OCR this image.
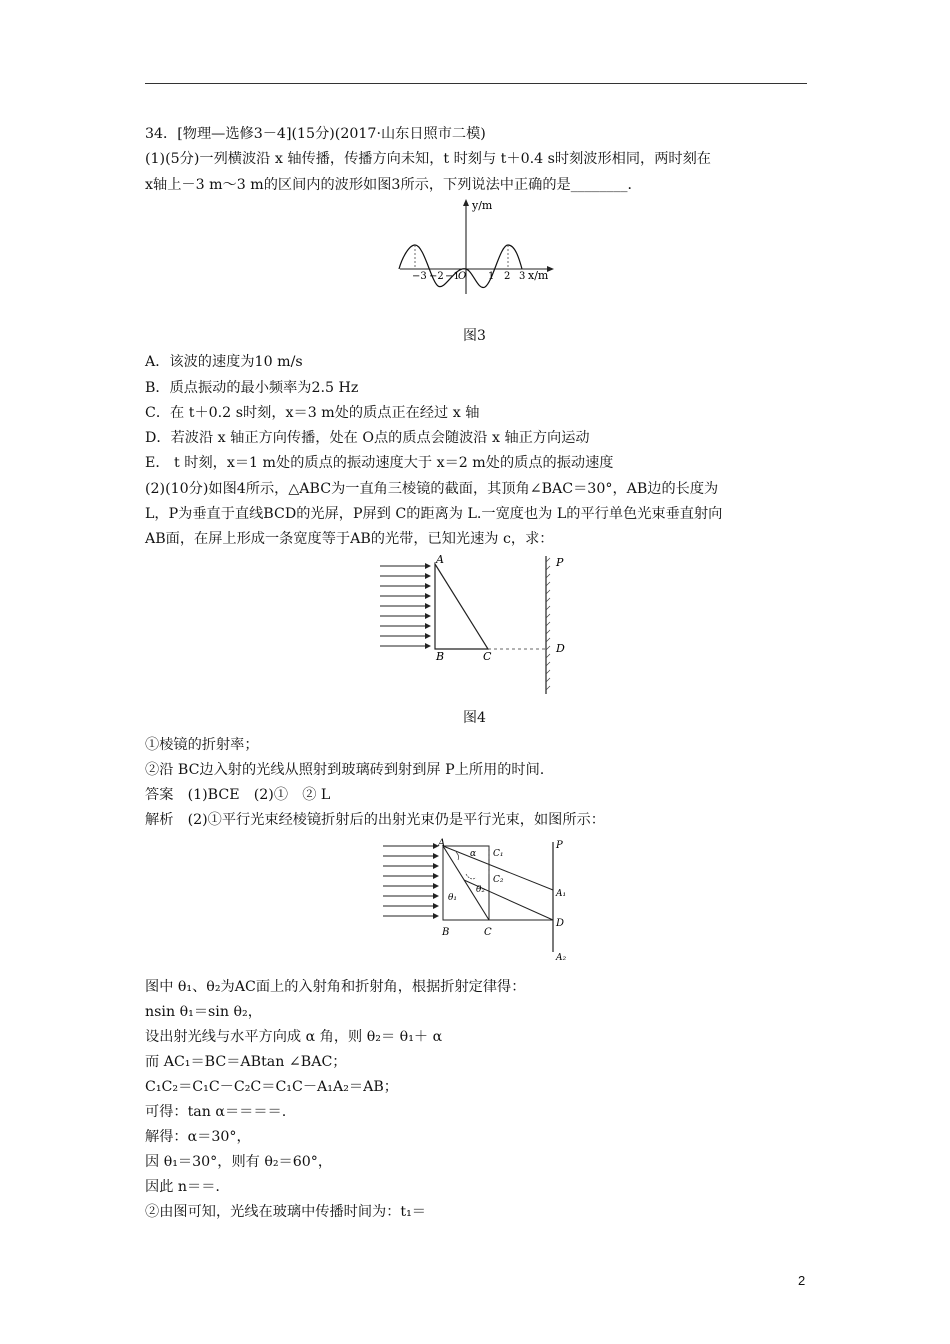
34．[物理—选修3－4](15分)(2017·山东日照市二模)
(1)(5分)一列横波沿 x 轴传播，传播方向未知，t 时刻与 t＋0.4 s时刻波形相同，两时刻在
x轴上－3 m～3 m的区间内的波形如图3所示，下列说法中正确的是________．
y/m
x/m
−3 −2 −1
O 1 2 3
图3
A．该波的速度为10 m/s
B．质点振动的最小频率为2.5 Hz
C．在 t＋0.2 s时刻，x＝3 m处的质点正在经过 x 轴
D．若波沿 x 轴正方向传播，处在 O点的质点会随波沿 x 轴正方向运动
E． t 时刻，x＝1 m处的质点的振动速度大于 x＝2 m处的质点的振动速度
(2)(10分)如图4所示，△ABC为一直角三棱镜的截面，其顶角∠BAC＝30°，AB边的长度为
L，P为垂直于直线BCD的光屏，P屏到 C的距离为 L.一宽度也为 L的平行单色光束垂直射向
AB面，在屏上形成一条宽度等于AB的光带，已知光速为 c，求：
A
B	C
D
P
图4
①棱镜的折射率；
②沿 BC边入射的光线从照射到玻璃砖到射到屏 P上所用的时间.
答案　(1)BCE　(2)①　② L
解析　(2)①平行光束经棱镜折射后的出射光束仍是平行光束，如图所示：
A
B	C
D
P
C₁
C₂
A₁
A₂
α
θ₁
θ₂
图中 θ₁、θ₂为AC面上的入射角和折射角，根据折射定律得：
nsin θ₁＝sin θ₂，
设出射光线与水平方向成 α 角，则 θ₂＝ θ₁＋ α
而 AC₁＝BC＝ABtan ∠BAC；
C₁C₂＝C₁C－C₂C＝C₁C－A₁A₂＝AB；
可得：tan α＝＝＝＝.
解得：α＝30°，
因 θ₁＝30°，则有 θ₂＝60°，
因此 n＝＝.
②由图可知，光线在玻璃中传播时间为：t₁＝
2
